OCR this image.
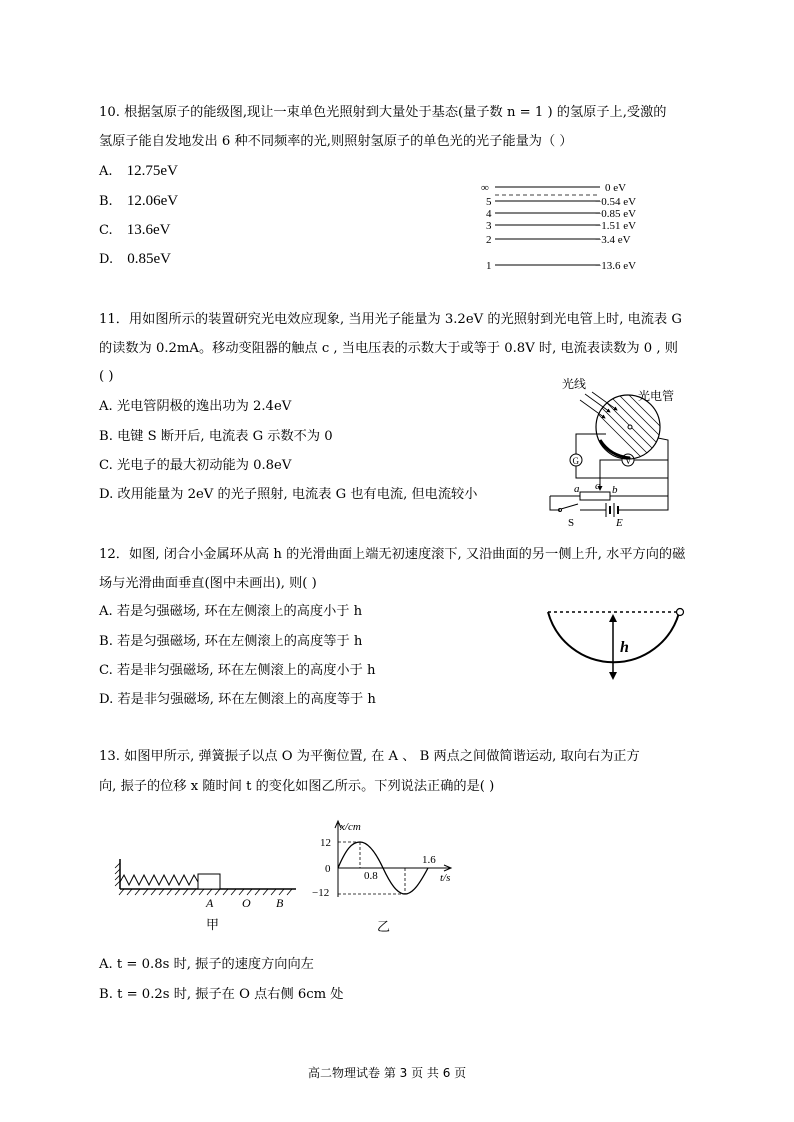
10. 根据氢原子的能级图,现让一束单色光照射到大量处于基态(量子数 n = 1 ) 的氢原子上,受激的
氢原子能自发地发出 6 种不同频率的光,则照射氢原子的单色光的光子能量为（ ）
A. 12.75eV
B. 12.06eV
C. 13.6eV
D. 0.85eV
∞	0 eV
5	−0.54 eV
4	−0.85 eV
3	−1.51 eV
2	−3.4 eV
1	−13.6 eV
11．用如图所示的装置研究光电效应现象, 当用光子能量为 3.2eV 的光照射到光电管上时, 电流表 G
的读数为 0.2mA。移动变阻器的触点 c , 当电压表的示数大于或等于 0.8V 时, 电流表读数为 0 , 则
( )
A. 光电管阴极的逸出功为 2.4eV
B. 电键 S 断开后, 电流表 G 示数不为 0
C. 光电子的最大初动能为 0.8eV
D. 改用能量为 2eV 的光子照射, 电流表 G 也有电流, 但电流较小
光线
光电管
G	V
a	b
c
S	E
12．如图, 闭合小金属环从高 h 的光滑曲面上端无初速度滚下, 又沿曲面的另一侧上升, 水平方向的磁
场与光滑曲面垂直(图中未画出), 则( )
A. 若是匀强磁场, 环在左侧滚上的高度小于 h
B. 若是匀强磁场, 环在左侧滚上的高度等于 h
C. 若是非匀强磁场, 环在左侧滚上的高度小于 h
D. 若是非匀强磁场, 环在左侧滚上的高度等于 h
h
13. 如图甲所示, 弹簧振子以点 O 为平衡位置, 在 A 、 B 两点之间做简谐运动, 取向右为正方
向, 振子的位移 x 随时间 t 的变化如图乙所示。下列说法正确的是( )
A O B
甲
x/cm
t/s
12
0
−12
0.8
1.6
乙
A. t = 0.8s 时, 振子的速度方向向左
B. t = 0.2s 时, 振子在 O 点右侧 6cm 处
高二物理试卷 第 3 页 共 6 页
